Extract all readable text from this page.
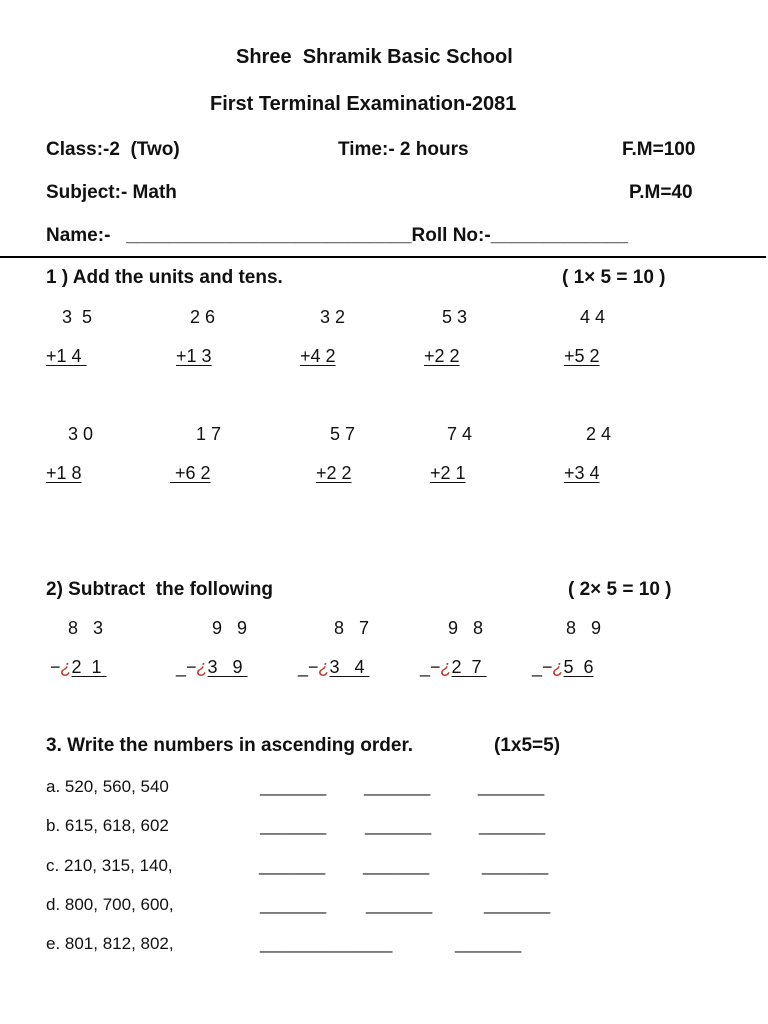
Shree  Shramik Basic School
First Terminal Examination-2081
Class:-2  (Two)	Time:- 2 hours	F.M=100
Subject:- Math	P.M=40
Name:-   ___________________________Roll No:-_____________
1 ) Add the units and tens.	( 1× 5 = 10 )
3  5	2 6	3 2	5 3	4 4
+1 4	+1 3	+4 2	+2 2	+5 2
3 0	1 7	5 7	7 4	2 4
+1 8	+6 2	+2 2	+2 1	+3 4
2) Subtract  the following	( 2× 5 = 10 )
8   3	9   9	8   7	9   8	8   9
−¿2  1	_−¿3   9	_−¿3   4	_−¿2  7	_−¿5  6
3. Write the numbers in ascending order.	(1x5=5)
a. 520, 560, 540	_______ _______	_______
b. 615, 618, 602	_______ _______	_______
c. 210, 315, 140,	_______ _______	_______
d. 800, 700, 600,	_______ _______	_______
e. 801, 812, 802,	______________	_______
